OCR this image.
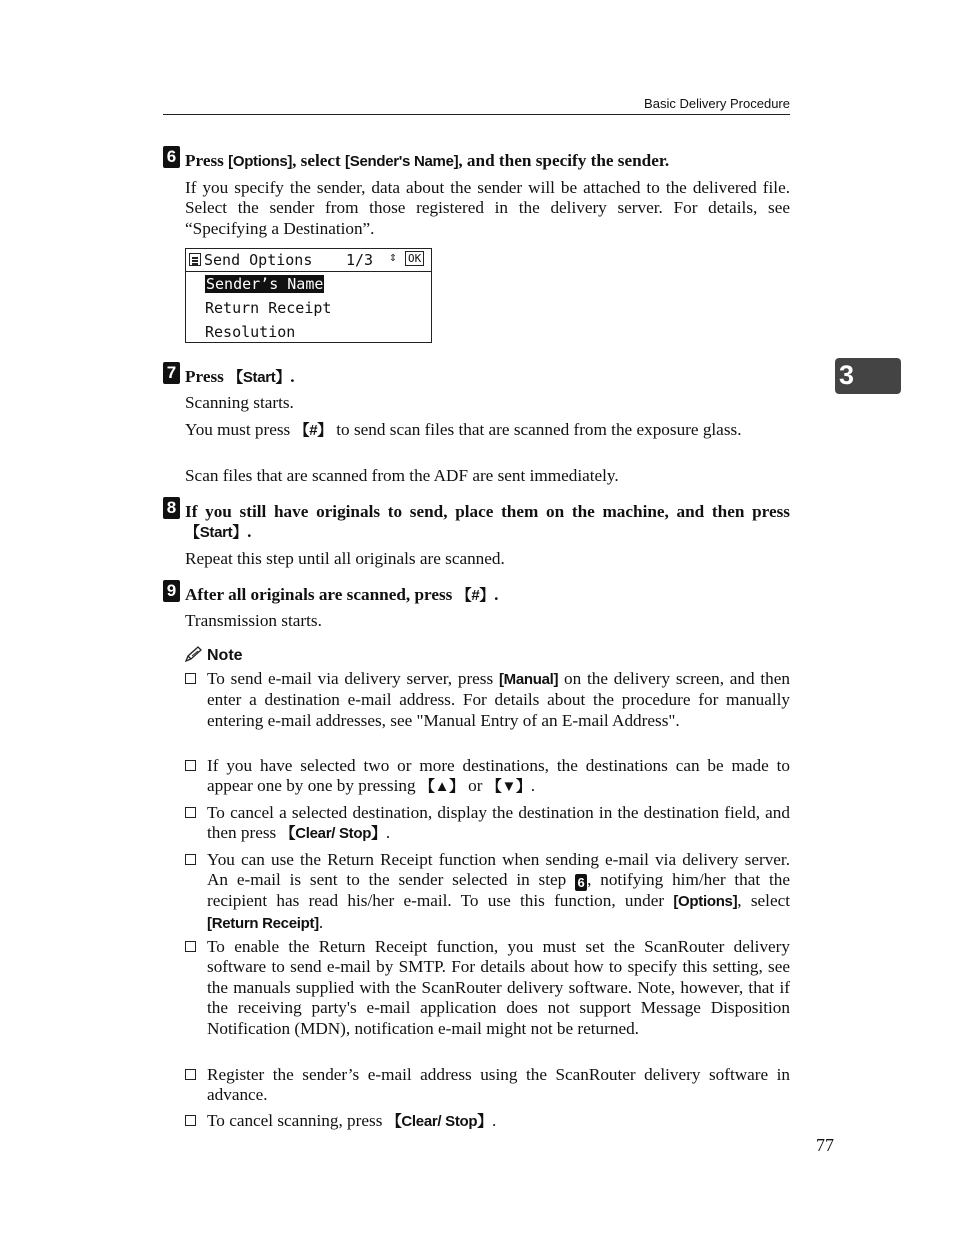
Basic Delivery Procedure
3
6 Press [Options], select [Sender's Name], and then specify the sender.
If you specify the sender, data about the sender will be attached to the delivered file. Select the sender from those registered in the delivery server. For details, see “Specifying a Destination”.
Send Options 1/3 ⇕ OK
Sender’s Name
Return Receipt
Resolution
7 Press 【Start】.
Scanning starts.
You must press 【#】 to send scan files that are scanned from the exposure glass.
Scan files that are scanned from the ADF are sent immediately.
8 If you still have originals to send, place them on the machine, and then press 【Start】.
Repeat this step until all originals are scanned.
9 After all originals are scanned, press 【#】.
Transmission starts.
Note
To send e-mail via delivery server, press [Manual] on the delivery screen, and then enter a destination e-mail address. For details about the procedure for manually entering e-mail addresses, see "Manual Entry of an E-mail Address".
If you have selected two or more destinations, the destinations can be made to appear one by one by pressing 【▲】 or 【▼】.
To cancel a selected destination, display the destination in the destination field, and then press 【Clear/ Stop】.
You can use the Return Receipt function when sending e-mail via delivery server. An e-mail is sent to the sender selected in step 6 , notifying him/her that the recipient has read his/her e-mail. To use this function, under [Options], select [Return Receipt].
To enable the Return Receipt function, you must set the ScanRouter delivery software to send e-mail by SMTP. For details about how to specify this setting, see the manuals supplied with the ScanRouter delivery software. Note, however, that if the receiving party's e-mail application does not support Message Disposition Notification (MDN), notification e-mail might not be returned.
Register the sender’s e-mail address using the ScanRouter delivery software in advance.
To cancel scanning, press 【Clear/ Stop】.
77
